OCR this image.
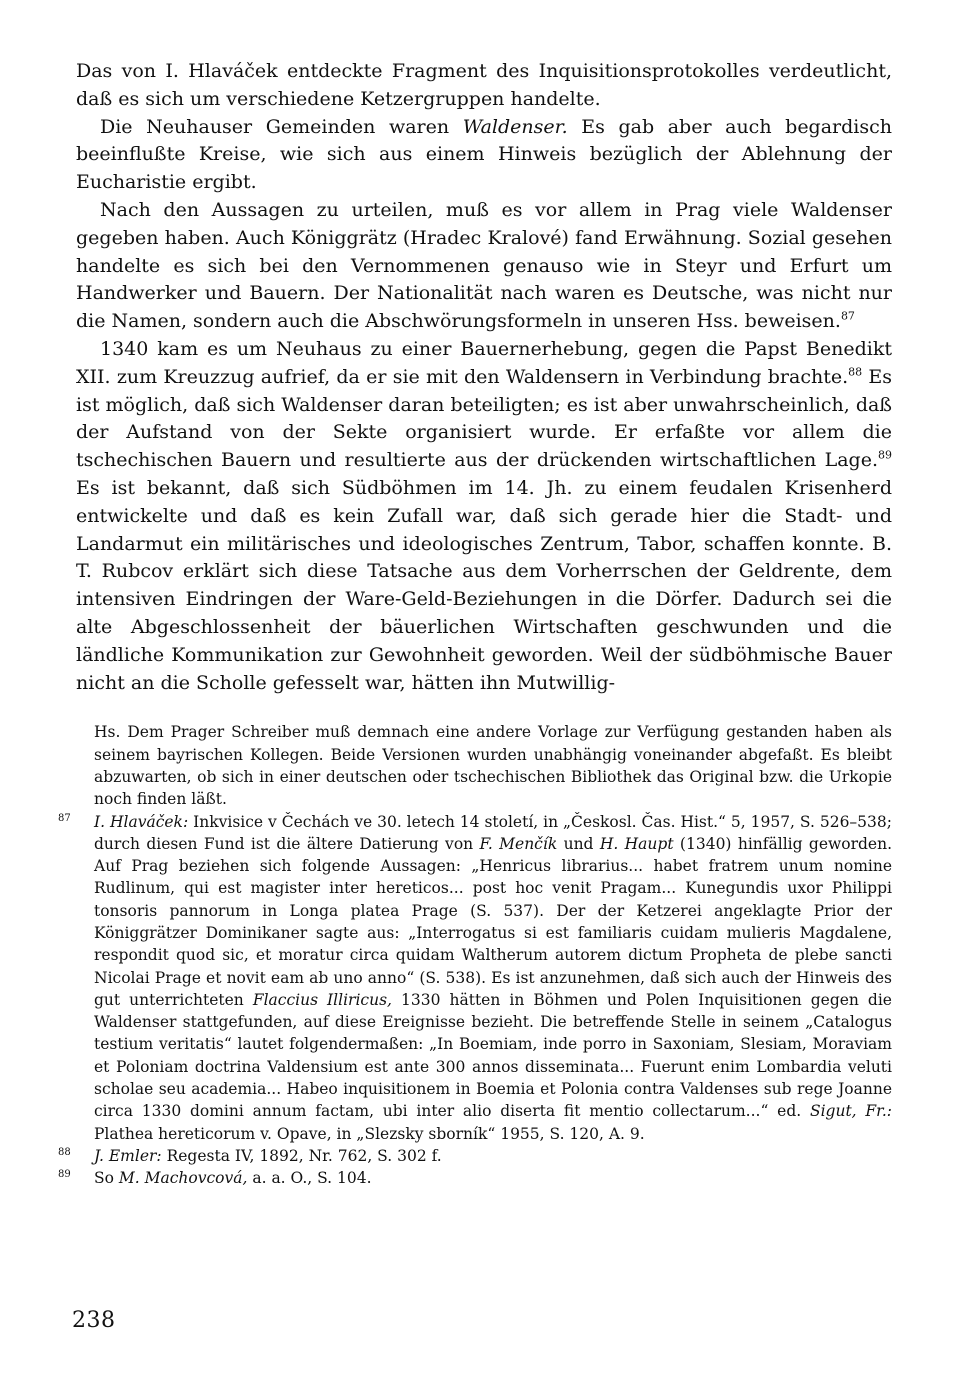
Das von I. Hlaváček entdeckte Fragment des Inquisitionsprotokolles verdeutlicht, daß es sich um verschiedene Ketzergruppen handelte.

Die Neuhauser Gemeinden waren Waldenser. Es gab aber auch begardisch beeinflußte Kreise, wie sich aus einem Hinweis bezüglich der Ablehnung der Eucharistie ergibt.

Nach den Aussagen zu urteilen, muß es vor allem in Prag viele Waldenser gegeben haben. Auch Königgrätz (Hradec Kralové) fand Erwähnung. Sozial gesehen handelte es sich bei den Vernommenen genauso wie in Steyr und Erfurt um Handwerker und Bauern. Der Nationalität nach waren es Deutsche, was nicht nur die Namen, sondern auch die Abschwörungsformeln in unseren Hss. beweisen.$^{87}$

1340 kam es um Neuhaus zu einer Bauernerhebung, gegen die Papst Benedikt XII. zum Kreuzzug aufrief, da er sie mit den Waldensern in Verbindung brachte.$^{88}$ Es ist möglich, daß sich Waldenser daran beteiligten; es ist aber unwahrscheinlich, daß der Aufstand von der Sekte organisiert wurde. Er erfaßte vor allem die tschechischen Bauern und resultierte aus der drückenden wirtschaftlichen Lage.$^{89}$ Es ist bekannt, daß sich Südböhmen im 14. Jh. zu einem feudalen Krisenherd entwickelte und daß es kein Zufall war, daß sich gerade hier die Stadt- und Landarmut ein militärisches und ideologisches Zentrum, Tabor, schaffen konnte. B. T. Rubcov erklärt sich diese Tatsache aus dem Vorherrschen der Geldrente, dem intensiven Eindringen der Ware-Geld-Beziehungen in die Dörfer. Dadurch sei die alte Abgeschlossenheit der bäuerlichen Wirtschaften geschwunden und die ländliche Kommunikation zur Gewohnheit geworden. Weil der südböhmische Bauer nicht an die Scholle gefesselt war, hätten ihn Mutwillig-

Hs. Dem Prager Schreiber muß demnach eine andere Vorlage zur Verfügung gestanden haben als seinem bayrischen Kollegen. Beide Versionen wurden unabhängig voneinander abgefaßt. Es bleibt abzuwarten, ob sich in einer deutschen oder tschechischen Bibliothek das Original bzw. die Urkopie noch finden läßt.

87 I. Hlaváček: Inkvisice v Čechách ve 30. letech 14 století, in „Českosl. Čas. Hist.“ 5, 1957, S. 526–538; durch diesen Fund ist die ältere Datierung von F. Menčík und H. Haupt (1340) hinfällig geworden. Auf Prag beziehen sich folgende Aussagen: „Henricus librarius... habet fratrem unum nomine Rudlinum, qui est magister inter hereticos... post hoc venit Pragam... Kunegundis uxor Philippi tonsoris pannorum in Longa platea Prage (S. 537). Der der Ketzerei angeklagte Prior der Königgrätzer Dominikaner sagte aus: „Interrogatus si est familiaris cuidam mulieris Magdalene, respondit quod sic, et moratur circa quidam Waltherum autorem dictum Propheta de plebe sancti Nicolai Prage et novit eam ab uno anno“ (S. 538). Es ist anzunehmen, daß sich auch der Hinweis des gut unterrichteten Flaccius Illiricus, 1330 hätten in Böhmen und Polen Inquisitionen gegen die Waldenser stattgefunden, auf diese Ereignisse bezieht. Die betreffende Stelle in seinem „Catalogus testium veritatis“ lautet folgendermaßen: „In Boemiam, inde porro in Saxoniam, Slesiam, Moraviam et Poloniam doctrina Valdensium est ante 300 annos disseminata... Fuerunt enim Lombardia veluti scholae seu academia... Habeo inquisitionem in Boemia et Polonia contra Valdenses sub rege Joanne circa 1330 domini annum factam, ubi inter alio diserta fit mentio collectarum...“ ed. Sigut, Fr.: Plathea hereticorum v. Opave, in „Slezsky sborník“ 1955, S. 120, A. 9.

88 J. Emler: Regesta IV, 1892, Nr. 762, S. 302 f.

89 So M. Machovcová, a. a. O., S. 104.

238
